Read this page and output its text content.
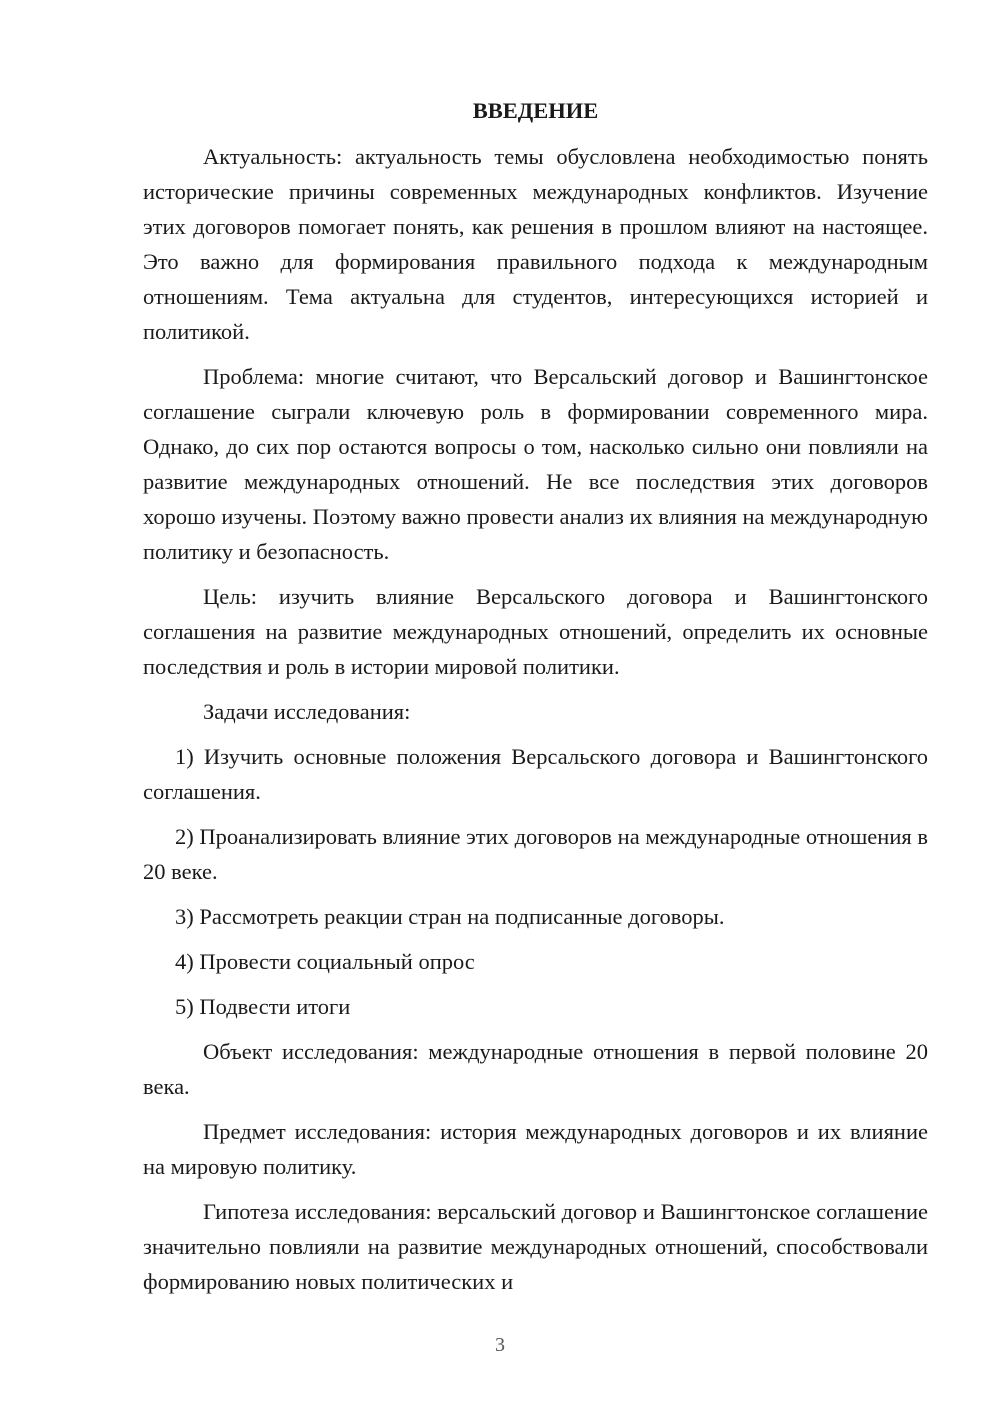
ВВЕДЕНИЕ

Актуальность: актуальность темы обусловлена необходимостью понять исторические причины современных международных конфликтов. Изучение этих договоров помогает понять, как решения в прошлом влияют на настоящее. Это важно для формирования правильного подхода к международным отношениям. Тема актуальна для студентов, интересующихся историей и политикой.

Проблема: многие считают, что Версальский договор и Вашингтонское соглашение сыграли ключевую роль в формировании современного мира. Однако, до сих пор остаются вопросы о том, насколько сильно они повлияли на развитие международных отношений. Не все последствия этих договоров хорошо изучены. Поэтому важно провести анализ их влияния на международную политику и безопасность.

Цель: изучить влияние Версальского договора и Вашингтонского соглашения на развитие международных отношений, определить их основные последствия и роль в истории мировой политики.

Задачи исследования:

1) Изучить основные положения Версальского договора и Вашингтонского соглашения.

2) Проанализировать влияние этих договоров на международные отношения в 20 веке.

3) Рассмотреть реакции стран на подписанные договоры.

4) Провести социальный опрос

5) Подвести итоги

Объект исследования: международные отношения в первой половине 20 века.

Предмет исследования: история международных договоров и их влияние на мировую политику.

Гипотеза исследования: версальский договор и Вашингтонское соглашение значительно повлияли на развитие международных отношений, способствовали формированию новых политических и

3
